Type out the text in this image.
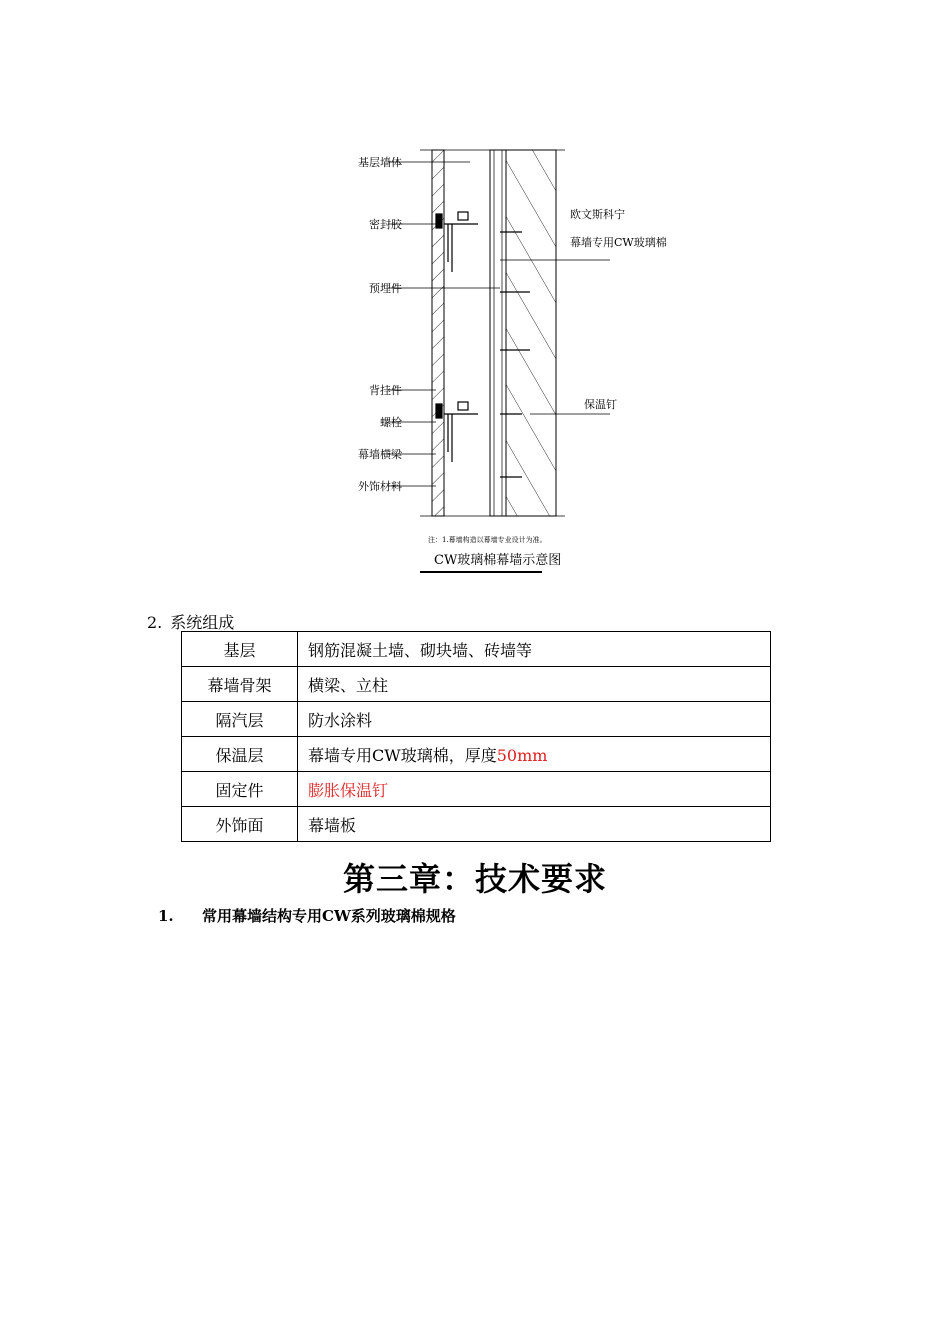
基层墙体
密封胶
预埋件
背挂件
螺栓
幕墙横梁
外饰材料
欧文斯科宁
幕墙专用CW玻璃棉
保温钉
注：1.幕墙构造以幕墙专业设计为准。
CW玻璃棉幕墙示意图
2. 系统组成
基层	钢筋混凝土墙、砌块墙、砖墙等
幕墙骨架	横梁、立柱
隔汽层	防水涂料
保温层	幕墙专用CW玻璃棉，厚度50mm
固定件	膨胀保温钉
外饰面	幕墙板
第三章：技术要求
1. 常用幕墙结构专用CW系列玻璃棉规格
